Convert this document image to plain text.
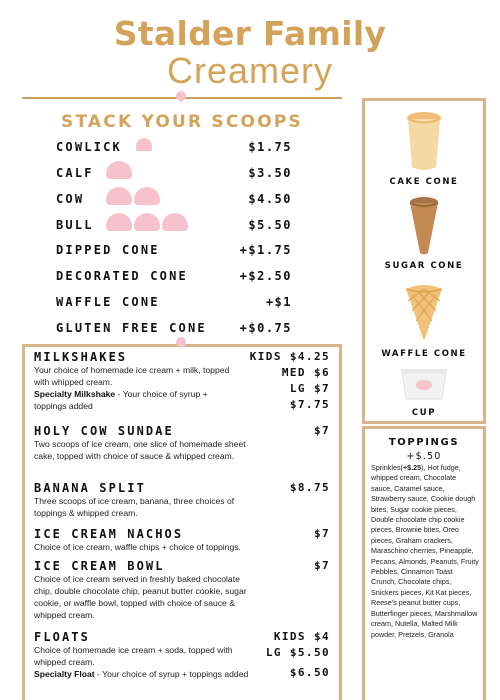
Stalder Family
Creamery
STACK YOUR SCOOPS
COWLICK	$1.75
CALF	$3.50
COW	$4.50
BULL	$5.50
DIPPED CONE	+$1.75
DECORATED CONE	+$2.50
WAFFLE CONE	+$1
GLUTEN FREE CONE	+$0.75
MILKSHAKES
Your choice of homemade ice cream + milk, topped with whipped cream.
Specialty Milkshake - Your choice of syrup + toppings added
KIDS $4.25
MED $6
LG $7
$7.75
HOLY COW SUNDAE
Two scoops of ice cream, one slice of homemade sheet cake, topped with choice of sauce & whipped cream.
$7
BANANA SPLIT
Three scoops of ice cream, banana, three choices of toppings & whipped cream.
$8.75
ICE CREAM NACHOS
Choice of ice cream, waffle chips + choice of toppings.
$7
ICE CREAM BOWL
Choice of ice cream served in freshly baked chocolate chip, double chocolate chip, peanut butter cookie, sugar cookie, or waffle bowl, topped with choice of sauce & whipped cream.
$7
FLOATS
Choice of homemade ice cream + soda, topped with whipped cream.
Specialty Float - Your choice of syrup + toppings added
KIDS $4
LG $5.50
$6.50
CAKE CONE
SUGAR CONE
WAFFLE CONE
CUP
TOPPINGS
+$.50
Sprinkles(+$.25), Hot fudge, whipped cream, Chocolate sauce, Caramel sauce, Strawberry sauce, Cookie dough bites, Sugar cookie pieces, Double chocolate chip cookie pieces, Brownie bites, Oreo pieces, Graham crackers, Maraschino cherries, Pineapple, Pecans, Almonds, Peanuts, Fruity Pebbles, Cinnamon Toast Crunch, Chocolate chips, Snickers pieces, Kit Kat pieces, Reese's peanut butter cups, Butterfinger pieces, Marshmallow cream, Nutella, Malted Milk powder, Pretzels, Granola
